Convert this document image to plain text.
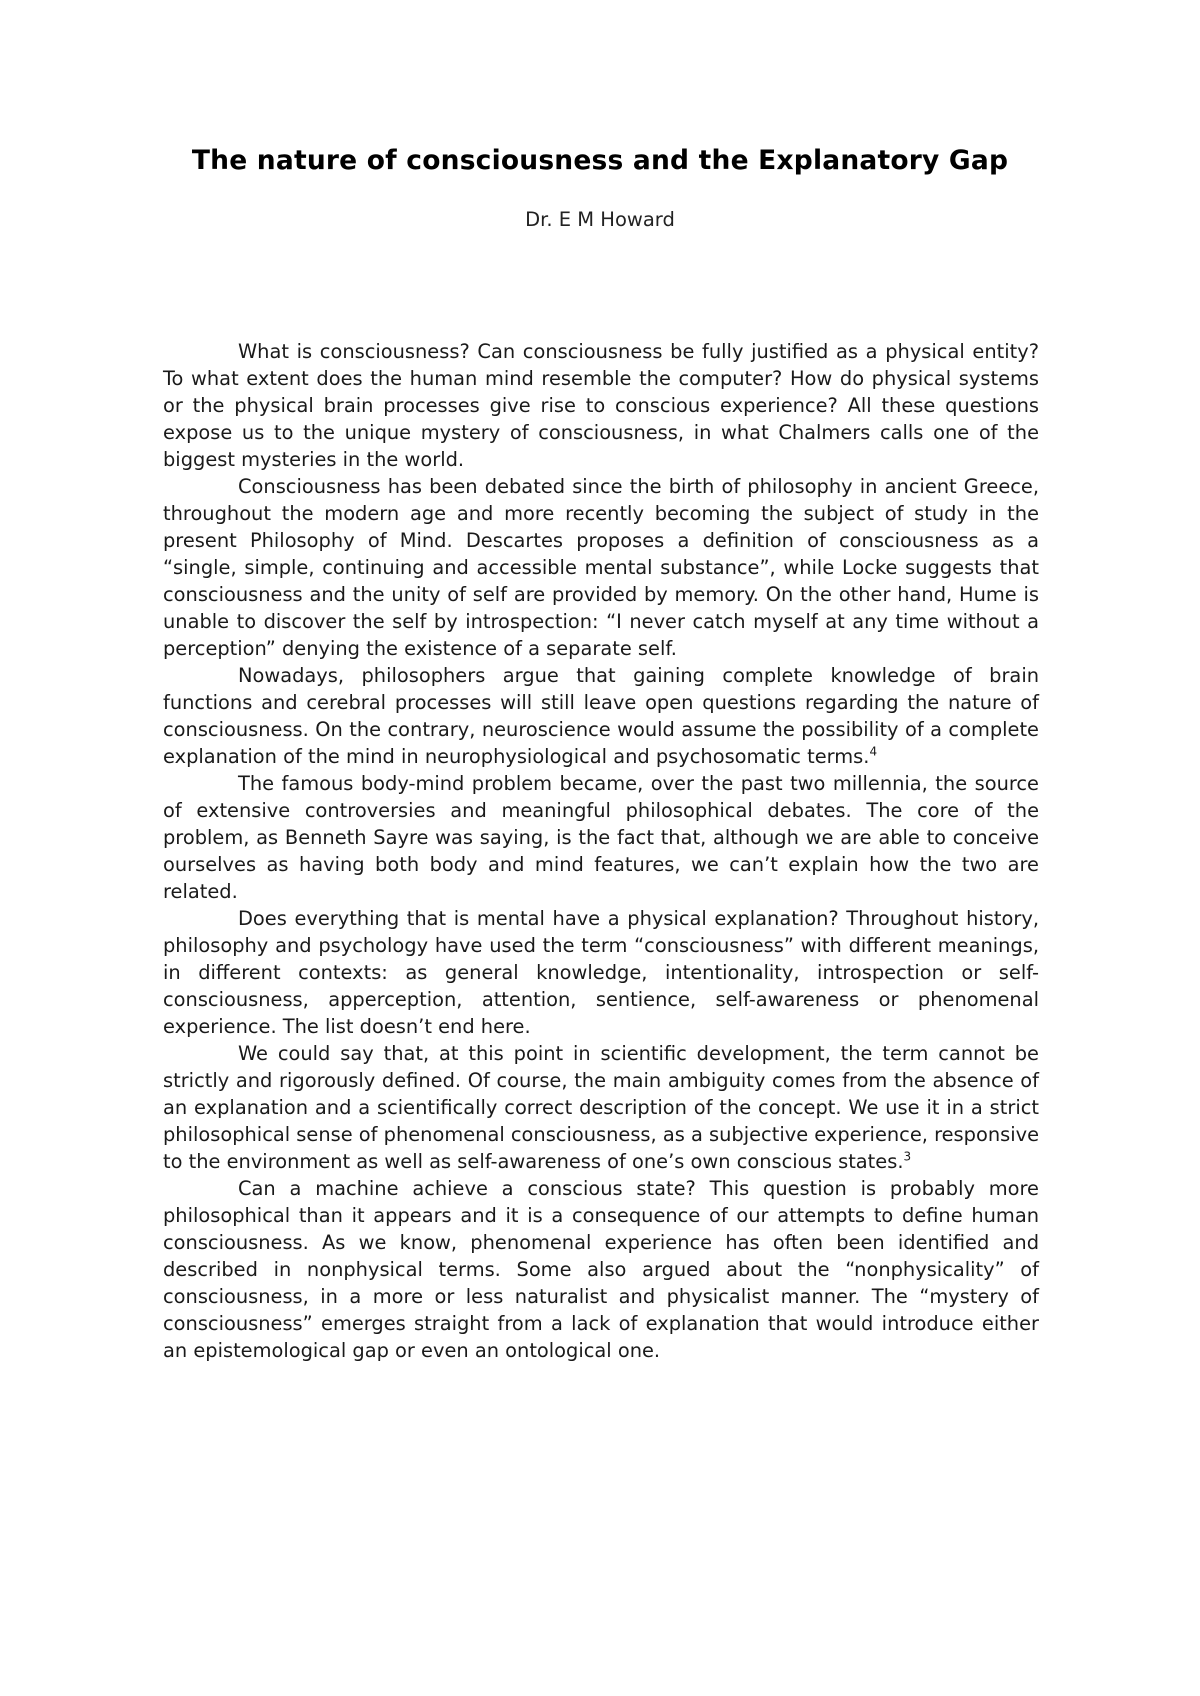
The nature of consciousness and the Explanatory Gap

Dr. E M Howard

What is consciousness? Can consciousness be fully justified as a physical entity? To what extent does the human mind resemble the computer? How do physical systems or the physical brain processes give rise to conscious experience? All these questions expose us to the unique mystery of consciousness, in what Chalmers calls one of the biggest mysteries in the world.

Consciousness has been debated since the birth of philosophy in ancient Greece, throughout the modern age and more recently becoming the subject of study in the present Philosophy of Mind. Descartes proposes a definition of consciousness as a “single, simple, continuing and accessible mental substance”, while Locke suggests that consciousness and the unity of self are provided by memory. On the other hand, Hume is unable to discover the self by introspection: “I never catch myself at any time without a perception” denying the existence of a separate self.

Nowadays, philosophers argue that gaining complete knowledge of brain functions and cerebral processes will still leave open questions regarding the nature of consciousness. On the contrary, neuroscience would assume the possibility of a complete explanation of the mind in neurophysiological and psychosomatic terms.$^4$

The famous body-mind problem became, over the past two millennia, the source of extensive controversies and meaningful philosophical debates. The core of the problem, as Benneth Sayre was saying, is the fact that, although we are able to conceive ourselves as having both body and mind features, we can’t explain how the two are related.

Does everything that is mental have a physical explanation? Throughout history, philosophy and psychology have used the term “consciousness” with different meanings, in different contexts: as general knowledge, intentionality, introspection or self-consciousness, apperception, attention, sentience, self-awareness or phenomenal experience. The list doesn’t end here.

We could say that, at this point in scientific development, the term cannot be strictly and rigorously defined. Of course, the main ambiguity comes from the absence of an explanation and a scientifically correct description of the concept. We use it in a strict philosophical sense of phenomenal consciousness, as a subjective experience, responsive to the environment as well as self-awareness of one’s own conscious states.$^3$

Can a machine achieve a conscious state? This question is probably more philosophical than it appears and it is a consequence of our attempts to define human consciousness. As we know, phenomenal experience has often been identified and described in nonphysical terms. Some also argued about the “nonphysicality” of consciousness, in a more or less naturalist and physicalist manner. The “mystery of consciousness” emerges straight from a lack of explanation that would introduce either an epistemological gap or even an ontological one.
